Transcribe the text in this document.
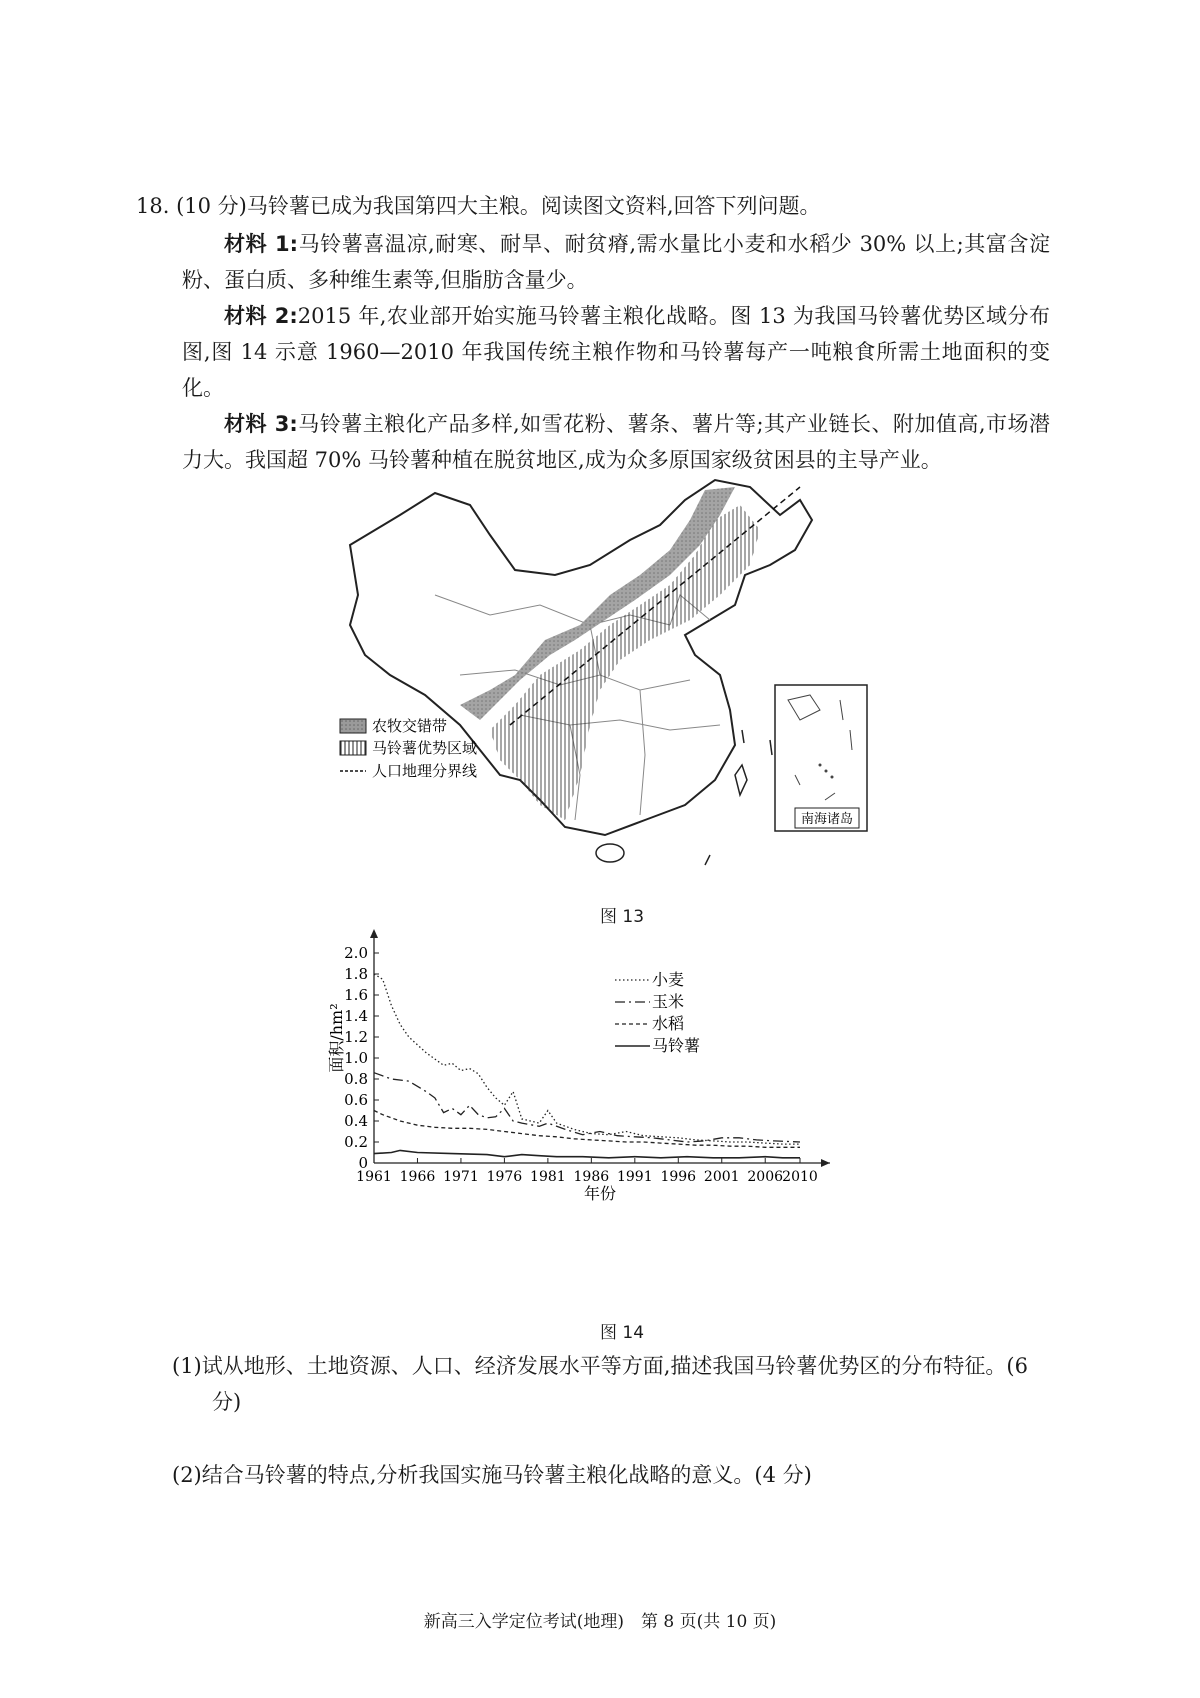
18. (10 分)马铃薯已成为我国第四大主粮。阅读图文资料,回答下列问题。
材料 1:马铃薯喜温凉,耐寒、耐旱、耐贫瘠,需水量比小麦和水稻少 30% 以上;其富含淀粉、蛋白质、多种维生素等,但脂肪含量少。
材料 2:2015 年,农业部开始实施马铃薯主粮化战略。图 13 为我国马铃薯优势区域分布图,图 14 示意 1960—2010 年我国传统主粮作物和马铃薯每产一吨粮食所需土地面积的变化。
材料 3:马铃薯主粮化产品多样,如雪花粉、薯条、薯片等;其产业链长、附加值高,市场潜力大。我国超 70% 马铃薯种植在脱贫地区,成为众多原国家级贫困县的主导产业。
农牧交错带
马铃薯优势区域
人口地理分界线
南海诸岛
图 13
0
0.2
0.4
0.6
0.8
1.0
1.2
1.4
1.6
1.8
2.0
1961 1966 1971 1976 1981 1986 1991 1996 2001 2006 2010
年份
面积/hm²
小麦
玉米
水稻
马铃薯
图 14
(1)试从地形、土地资源、人口、经济发展水平等方面,描述我国马铃薯优势区的分布特征。(6 分)
(2)结合马铃薯的特点,分析我国实施马铃薯主粮化战略的意义。(4 分)
新高三入学定位考试(地理)　第 8 页(共 10 页)
